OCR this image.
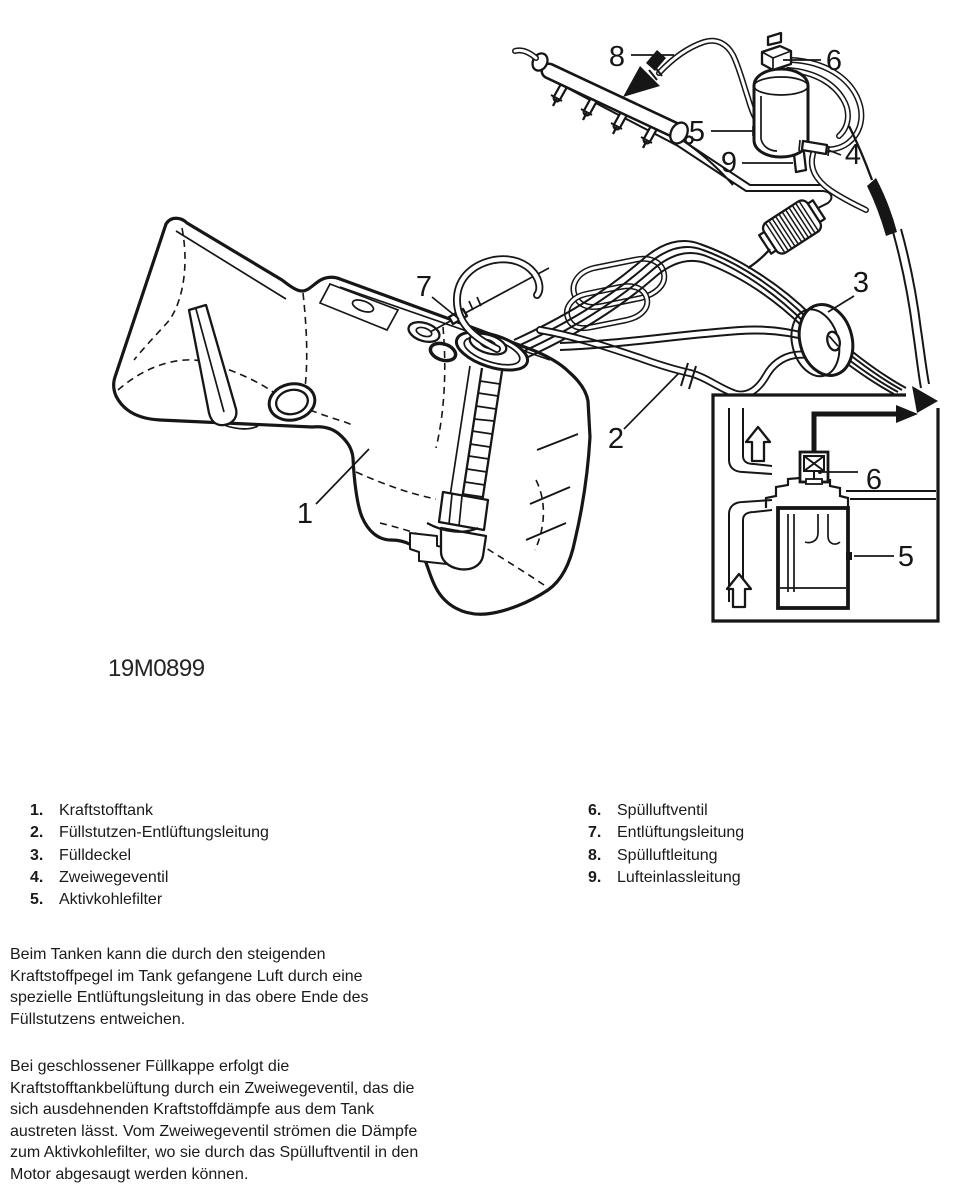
6
5
1
2
3
4
5
6
7
8
9
19M0899
1. Kraftstofftank
2. Füllstutzen-Entlüftungsleitung
3. Fülldeckel
4. Zweiwegeventil
5. Aktivkohlefilter
6. Spülluftventil
7. Entlüftungsleitung
8. Spülluftleitung
9. Lufteinlassleitung
Beim Tanken kann die durch den steigenden
Kraftstoffpegel im Tank gefangene Luft durch eine
spezielle Entlüftungsleitung in das obere Ende des
Füllstutzens entweichen.
Bei geschlossener Füllkappe erfolgt die
Kraftstofftankbelüftung durch ein Zweiwegeventil, das die
sich ausdehnenden Kraftstoffdämpfe aus dem Tank
austreten lässt. Vom Zweiwegeventil strömen die Dämpfe
zum Aktivkohlefilter, wo sie durch das Spülluftventil in den
Motor abgesaugt werden können.
